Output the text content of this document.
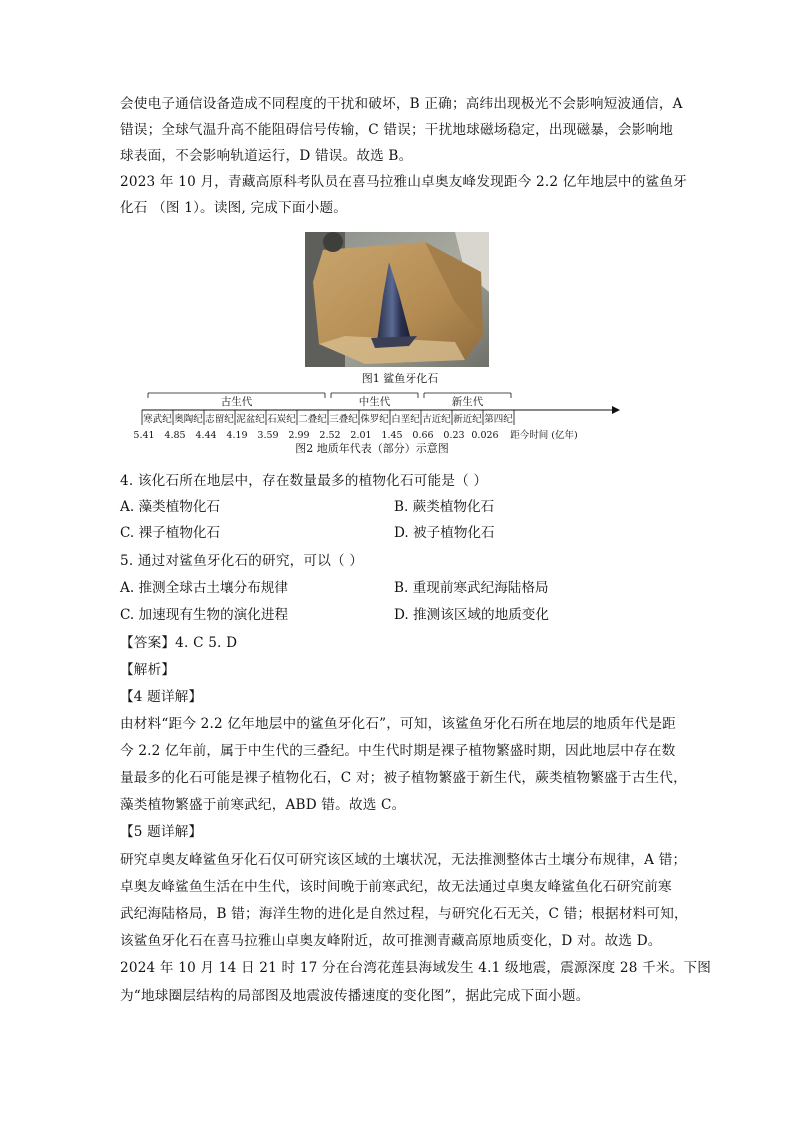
会使电子通信设备造成不同程度的干扰和破坏，B 正确；高纬出现极光不会影响短波通信，A
错误；全球气温升高不能阻碍信号传输，C 错误；干扰地球磁场稳定，出现磁暴，会影响地
球表面，不会影响轨道运行，D 错误。故选 B。
2023 年 10 月，青藏高原科考队员在喜马拉雅山卓奥友峰发现距今 2.2 亿年地层中的鲨鱼牙
化石 （图 1）。读图, 完成下面小题。
图1 鲨鱼牙化石
古生代	中生代	新生代
寒武纪 奥陶纪 志留纪 泥盆纪 石炭纪 二叠纪 三叠纪 侏罗纪 白垩纪 古近纪 新近纪 第四纪
5.41 4.85 4.44 4.19 3.59 2.99 2.52 2.01 1.45 0.66 0.23 0.026 距今时间 (亿年)
图2 地质年代表（部分）示意图
4. 该化石所在地层中，存在数量最多的植物化石可能是（ ）
A. 藻类植物化石	B. 蕨类植物化石
C. 裸子植物化石	D. 被子植物化石
5. 通过对鲨鱼牙化石的研究，可以（ ）
A. 推测全球古土壤分布规律	B. 重现前寒武纪海陆格局
C. 加速现有生物的演化进程	D. 推测该区域的地质变化
【答案】4. C 5. D
【解析】
【4 题详解】
由材料“距今 2.2 亿年地层中的鲨鱼牙化石”，可知，该鲨鱼牙化石所在地层的地质年代是距
今 2.2 亿年前，属于中生代的三叠纪。中生代时期是裸子植物繁盛时期，因此地层中存在数
量最多的化石可能是裸子植物化石，C 对；被子植物繁盛于新生代，蕨类植物繁盛于古生代，
藻类植物繁盛于前寒武纪，ABD 错。故选 C。
【5 题详解】
研究卓奥友峰鲨鱼牙化石仅可研究该区域的土壤状况，无法推测整体古土壤分布规律，A 错；
卓奥友峰鲨鱼生活在中生代，该时间晚于前寒武纪，故无法通过卓奥友峰鲨鱼化石研究前寒
武纪海陆格局，B 错；海洋生物的进化是自然过程，与研究化石无关，C 错；根据材料可知，
该鲨鱼牙化石在喜马拉雅山卓奥友峰附近，故可推测青藏高原地质变化，D 对。故选 D。
2024 年 10 月 14 日 21 时 17 分在台湾花莲县海域发生 4.1 级地震，震源深度 28 千米。下图
为“地球圈层结构的局部图及地震波传播速度的变化图”，据此完成下面小题。
